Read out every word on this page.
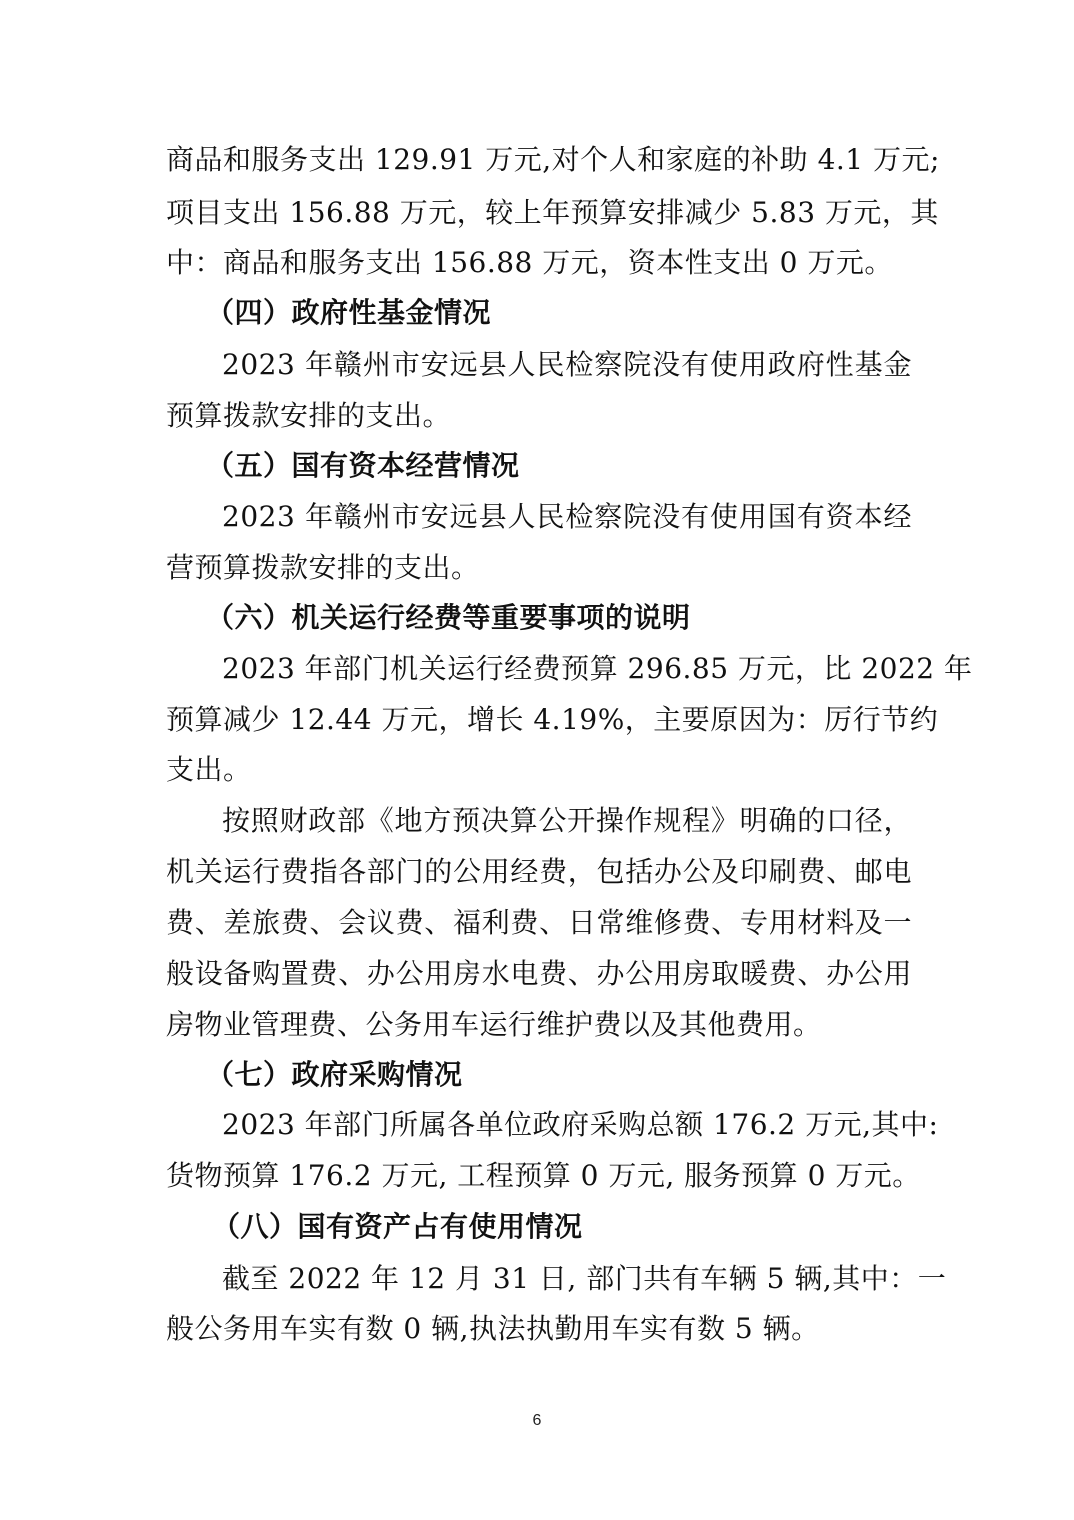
商品和服务支出 129.91 万元,对个人和家庭的补助 4.1 万元;
项目支出 156.88 万元，较上年预算安排减少 5.83 万元，其
中：商品和服务支出 156.88 万元，资本性支出 0 万元。
（四）政府性基金情况
2023 年赣州市安远县人民检察院没有使用政府性基金
预算拨款安排的支出。
（五）国有资本经营情况
2023 年赣州市安远县人民检察院没有使用国有资本经
营预算拨款安排的支出。
（六）机关运行经费等重要事项的说明
2023 年部门机关运行经费预算 296.85 万元，比 2022 年
预算减少 12.44 万元，增长 4.19%，主要原因为：厉行节约
支出。
按照财政部《地方预决算公开操作规程》明确的口径，
机关运行费指各部门的公用经费，包括办公及印刷费、邮电
费、差旅费、会议费、福利费、日常维修费、专用材料及一
般设备购置费、办公用房水电费、办公用房取暖费、办公用
房物业管理费、公务用车运行维护费以及其他费用。
（七）政府采购情况
2023 年部门所属各单位政府采购总额 176.2 万元,其中:
货物预算 176.2 万元, 工程预算 0 万元, 服务预算 0 万元。
（八）国有资产占有使用情况
截至 2022 年 12 月 31 日, 部门共有车辆 5 辆,其中：一
般公务用车实有数 0 辆,执法执勤用车实有数 5 辆。
6
